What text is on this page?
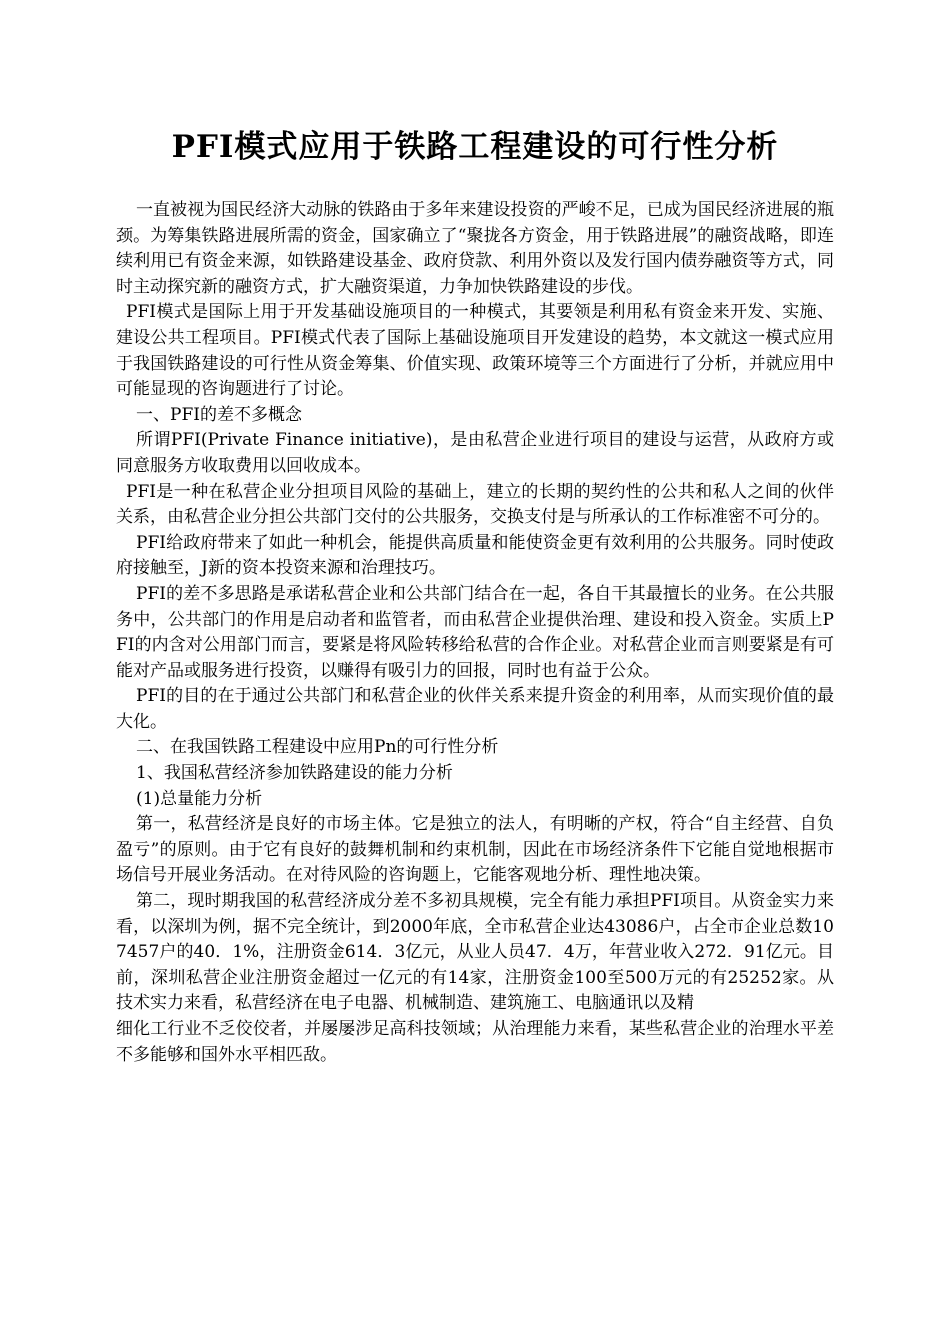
PFI模式应用于铁路工程建设的可行性分析

一直被视为国民经济大动脉的铁路由于多年来建设投资的严峻不足，已成为国民经济进展的瓶颈。为筹集铁路进展所需的资金，国家确立了“聚拢各方资金，用于铁路进展”的融资战略，即连续利用已有资金来源，如铁路建设基金、政府贷款、利用外资以及发行国内债券融资等方式，同时主动探究新的融资方式，扩大融资渠道，力争加快铁路建设的步伐。

PFI模式是国际上用于开发基础设施项目的一种模式，其要领是利用私有资金来开发、实施、建设公共工程项目。PFI模式代表了国际上基础设施项目开发建设的趋势，本文就这一模式应用于我国铁路建设的可行性从资金筹集、价值实现、政策环境等三个方面进行了分析，并就应用中可能显现的咨询题进行了讨论。

一、PFI的差不多概念

所谓PFI(Private Finance initiative)，是由私营企业进行项目的建设与运营，从政府方或同意服务方收取费用以回收成本。

PFI是一种在私营企业分担项目风险的基础上，建立的长期的契约性的公共和私人之间的伙伴关系，由私营企业分担公共部门交付的公共服务，交换支付是与所承认的工作标准密不可分的。

PFI给政府带来了如此一种机会，能提供高质量和能使资金更有效利用的公共服务。同时使政府接触至，J新的资本投资来源和治理技巧。

PFI的差不多思路是承诺私营企业和公共部门结合在一起，各自干其最擅长的业务。在公共服务中，公共部门的作用是启动者和监管者，而由私营企业提供治理、建设和投入资金。实质上PFI的内含对公用部门而言，要紧是将风险转移给私营的合作企业。对私营企业而言则要紧是有可能对产品或服务进行投资，以赚得有吸引力的回报，同时也有益于公众。

PFI的目的在于通过公共部门和私营企业的伙伴关系来提升资金的利用率，从而实现价值的最大化。

二、在我国铁路工程建设中应用Pn的可行性分析

1、我国私营经济参加铁路建设的能力分析

(1)总量能力分析

第一，私营经济是良好的市场主体。它是独立的法人，有明晰的产权，符合“自主经营、自负盈亏”的原则。由于它有良好的鼓舞机制和约束机制，因此在市场经济条件下它能自觉地根据市场信号开展业务活动。在对待风险的咨询题上，它能客观地分析、理性地决策。

第二，现时期我国的私营经济成分差不多初具规模，完全有能力承担PFI项目。从资金实力来看，以深圳为例，据不完全统计，到2000年底，全市私营企业达43086户，占全市企业总数107457户的40．1%，注册资金614．3亿元，从业人员47．4万，年营业收入272．91亿元。目前，深圳私营企业注册资金超过一亿元的有14家，注册资金100至500万元的有25252家。从技术实力来看，私营经济在电子电器、机械制造、建筑施工、电脑通讯以及精

细化工行业不乏佼佼者，并屡屡涉足高科技领域；从治理能力来看，某些私营企业的治理水平差不多能够和国外水平相匹敌。
